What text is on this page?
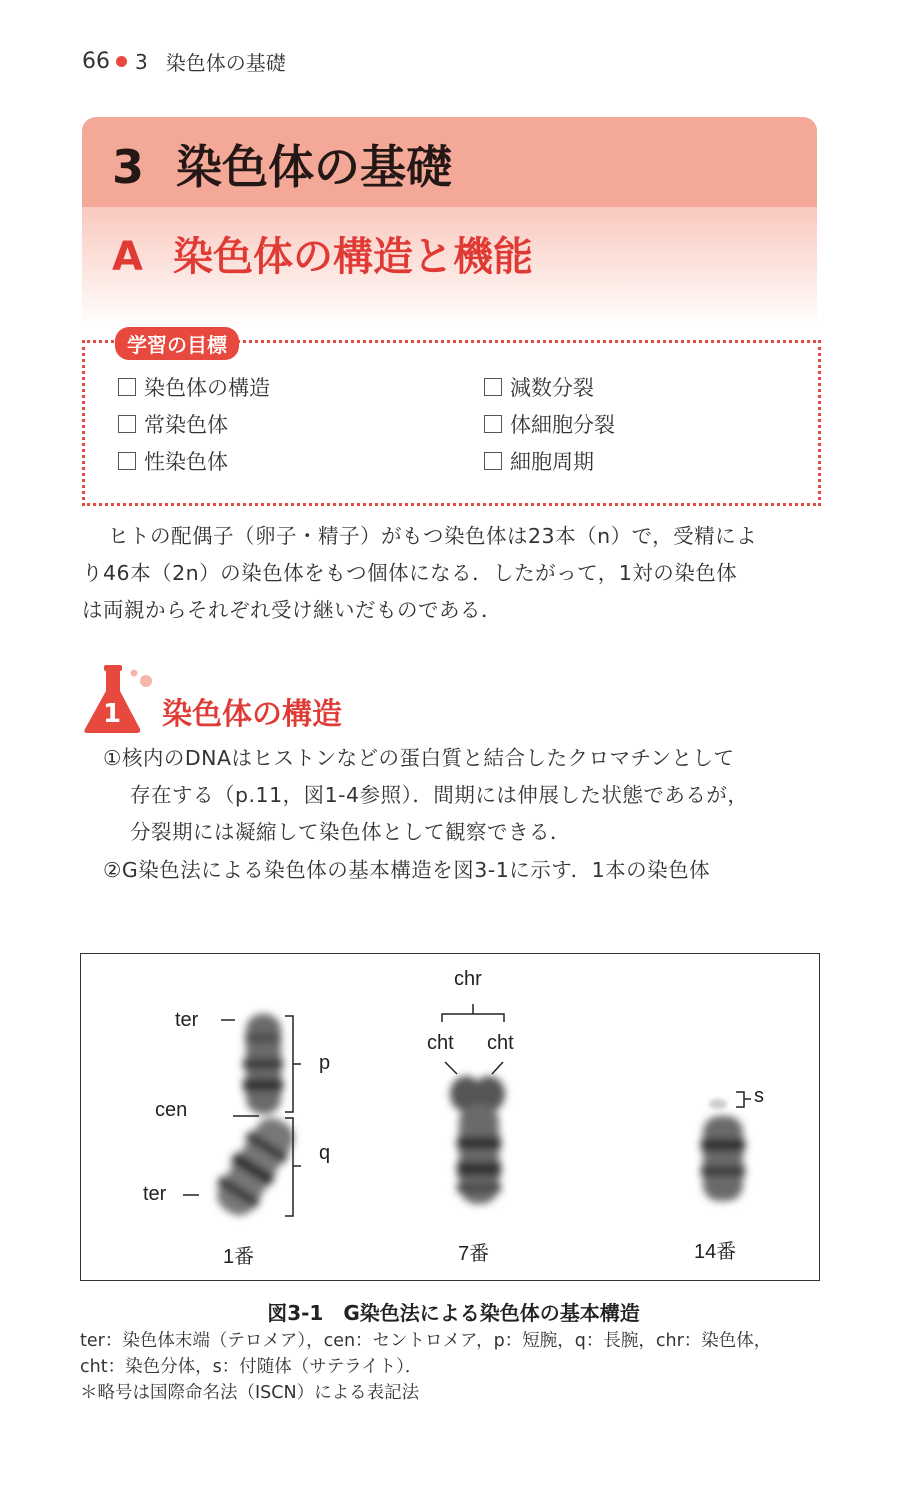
66 3 染色体の基礎
3 染色体の基礎
A 染色体の構造と機能
学習の目標
染色体の構造
常染色体
性染色体
減数分裂
体細胞分裂
細胞周期
ヒトの配偶子（卵子・精子）がもつ染色体は23本（n）で，受精によ
り46本（2n）の染色体をもつ個体になる．したがって，1対の染色体
は両親からそれぞれ受け継いだものである．
1 染色体の構造
①核内のDNAはヒストンなどの蛋白質と結合したクロマチンとして
存在する（p.11，図1-4参照）．間期には伸展した状態であるが，
分裂期には凝縮して染色体として観察できる．
②G染色法による染色体の基本構造を図3-1に示す．1本の染色体
ter
cen
ter
p
q
chr
cht cht
s
1番	7番	14番
図3-1　G染色法による染色体の基本構造
ter：染色体末端（テロメア），cen：セントロメア，p：短腕，q：長腕，chr：染色体，
cht：染色分体，s：付随体（サテライト）．
＊略号は国際命名法（ISCN）による表記法
